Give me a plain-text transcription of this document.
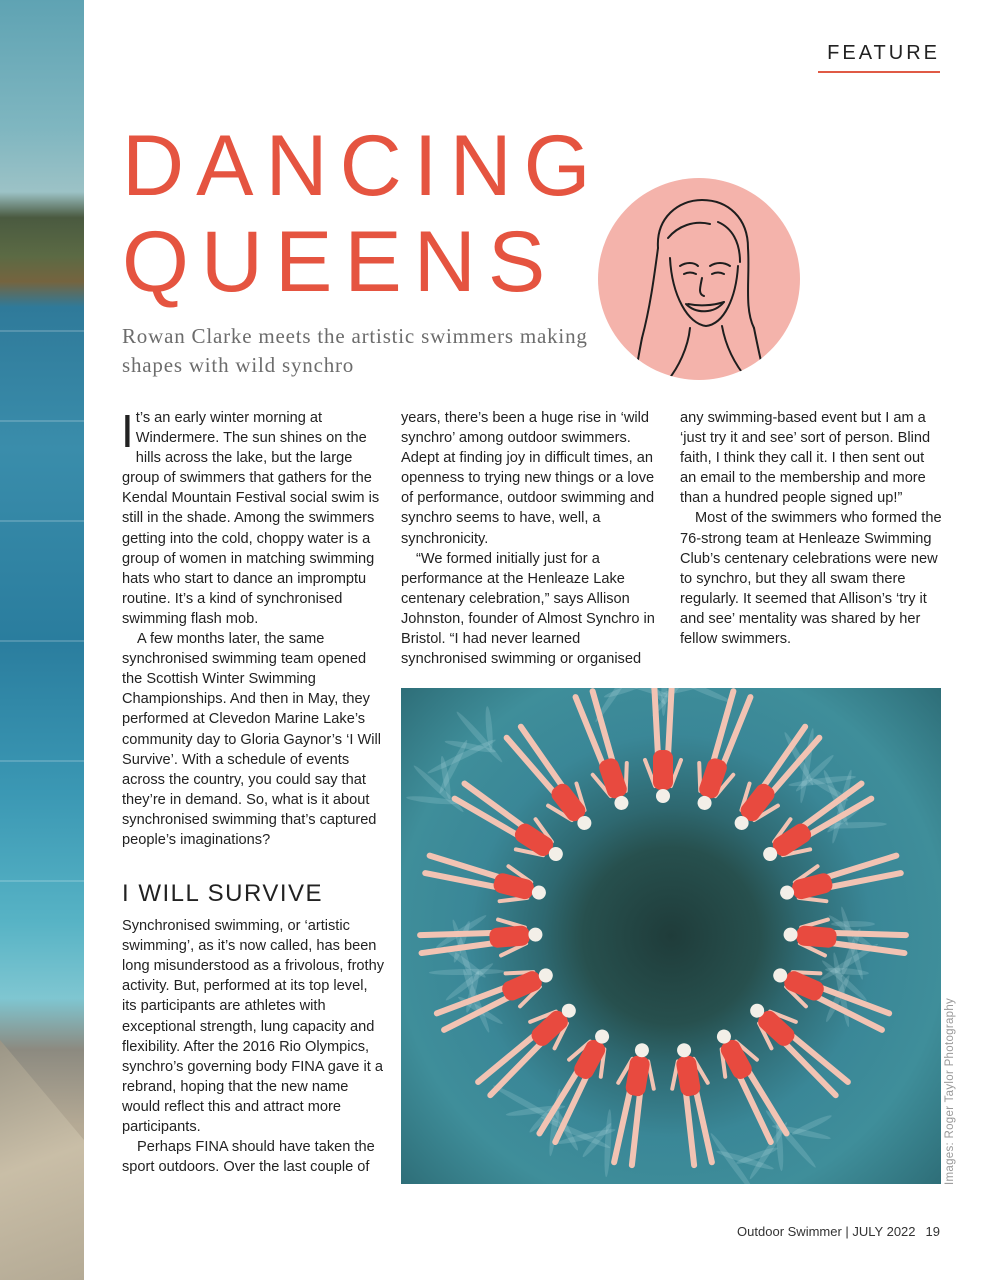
FEATURE
DANCING
QUEENS
Rowan Clarke meets the artistic swimmers making shapes with wild synchro

It’s an early winter morning at Windermere. The sun shines on the hills across the lake, but the large group of swimmers that gathers for the Kendal Mountain Festival social swim is still in the shade. Among the swimmers getting into the cold, choppy water is a group of women in matching swimming hats who start to dance an impromptu routine. It’s a kind of synchronised swimming flash mob.

A few months later, the same synchronised swimming team opened the Scottish Winter Swimming Championships. And then in May, they performed at Clevedon Marine Lake’s community day to Gloria Gaynor’s ‘I Will Survive’. With a schedule of events across the country, you could say that they’re in demand. So, what is it about synchronised swimming that’s captured people’s imaginations?

I WILL SURVIVE

Synchronised swimming, or ‘artistic swimming’, as it’s now called, has been long misunderstood as a frivolous, frothy activity. But, performed at its top level, its participants are athletes with exceptional strength, lung capacity and flexibility. After the 2016 Rio Olympics, synchro’s governing body FINA gave it a rebrand, hoping that the new name would reflect this and attract more participants.

Perhaps FINA should have taken the sport outdoors. Over the last couple of

years, there’s been a huge rise in ‘wild synchro’ among outdoor swimmers. Adept at finding joy in difficult times, an openness to trying new things or a love of performance, outdoor swimming and synchro seems to have, well, a synchronicity.

“We formed initially just for a performance at the Henleaze Lake centenary celebration,” says Allison Johnston, founder of Almost Synchro in Bristol. “I had never learned synchronised swimming or organised

any swimming-based event but I am a ‘just try it and see’ sort of person. Blind faith, I think they call it. I then sent out an email to the membership and more than a hundred people signed up!”

Most of the swimmers who formed the 76-strong team at Henleaze Swimming Club’s centenary celebrations were new to synchro, but they all swam there regularly. It seemed that Allison’s ‘try it and see’ mentality was shared by her fellow swimmers.

Images: Roger Taylor Photography
Outdoor Swimmer | JULY 2022 19
